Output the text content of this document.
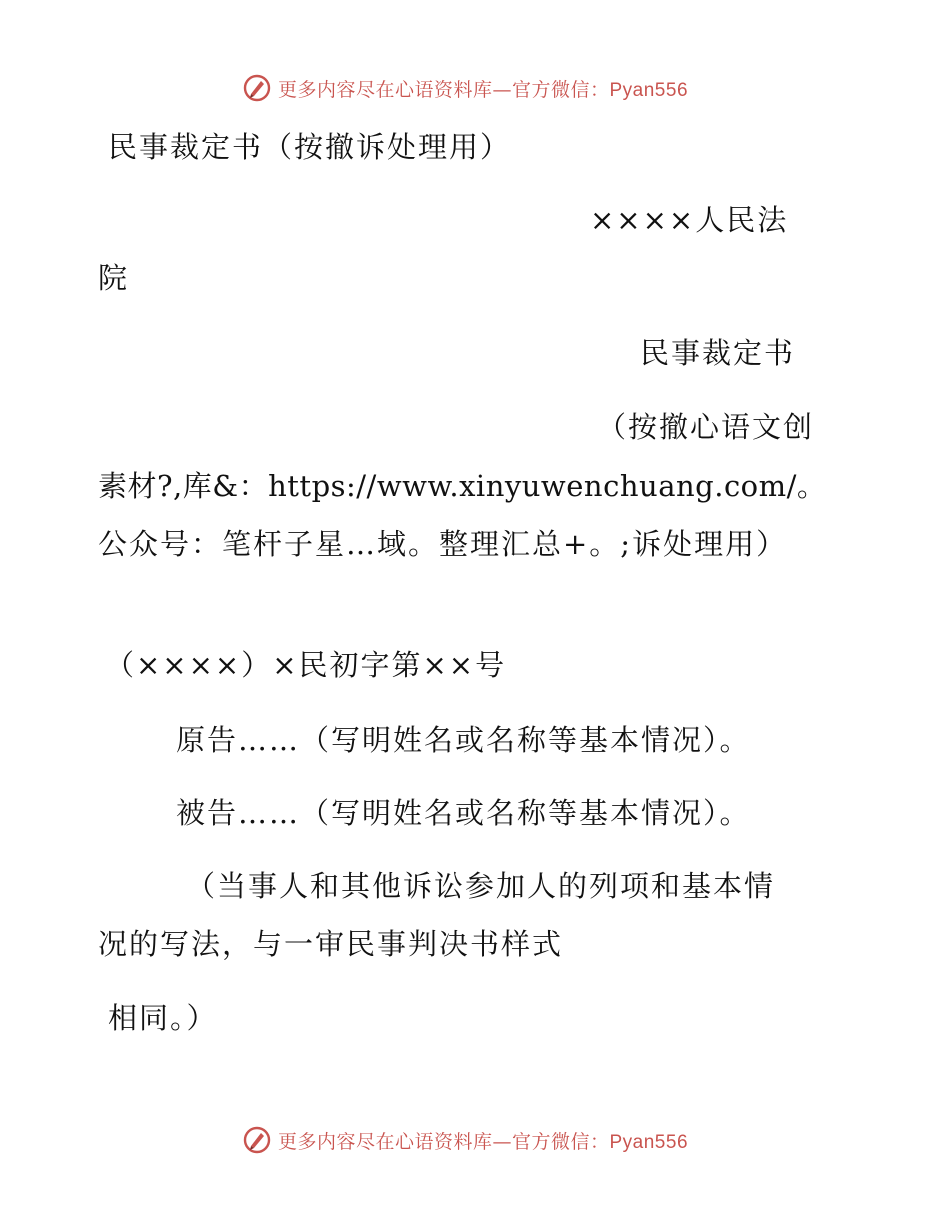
更多内容尽在心语资料库—官方微信：Pyan556
民事裁定书（按撤诉处理用）
××××人民法
院
民事裁定书
（按撤心语文创
素材?,库&：https://www.xinyuwenchuang.com/。
公众号：笔杆子星…域。整理汇总+。;诉处理用）
（××××）×民初字第××号
原告……（写明姓名或名称等基本情况）。
被告……（写明姓名或名称等基本情况）。
（当事人和其他诉讼参加人的列项和基本情
况的写法，与一审民事判决书样式
相同。）
更多内容尽在心语资料库—官方微信：Pyan556
